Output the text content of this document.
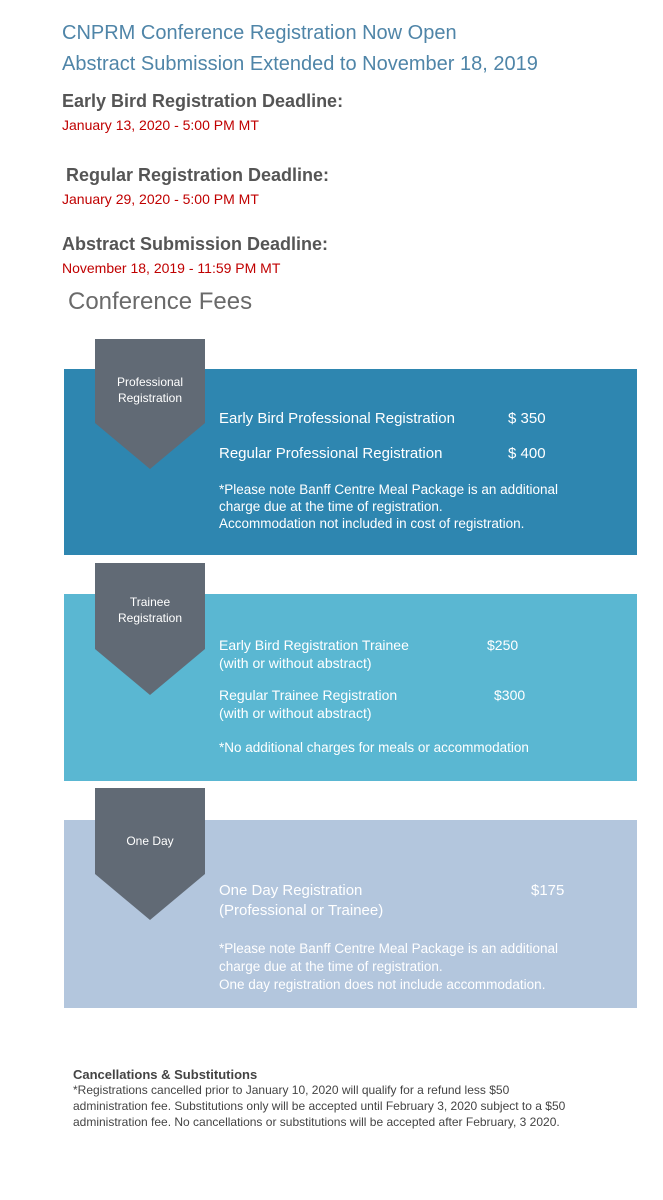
CNPRM Conference Registration Now Open
Abstract Submission Extended to November 18, 2019
Early Bird Registration Deadline:
January 13, 2020 - 5:00 PM MT
Regular Registration Deadline:
January 29, 2020 - 5:00 PM MT
Abstract Submission Deadline:
November 18, 2019 - 11:59 PM MT
Conference Fees
Professional
Registration
Early Bird Professional Registration	$ 350
Regular Professional Registration	$ 400
*Please note Banff Centre Meal Package is an additional
charge due at the time of registration.
Accommodation not included in cost of registration.
Trainee
Registration
Early Bird Registration Trainee
(with or without abstract)
$250
Regular Trainee Registration
(with or without abstract)
$300
*No additional charges for meals or accommodation
One Day
One Day Registration
(Professional or Trainee)
$175
*Please note Banff Centre Meal Package is an additional
charge due at the time of registration.
One day registration does not include accommodation.
Cancellations & Substitutions
*Registrations cancelled prior to January 10, 2020 will qualify for a refund less $50
administration fee. Substitutions only will be accepted until February 3, 2020 subject to a $50
administration fee. No cancellations or substitutions will be accepted after February, 3 2020.
